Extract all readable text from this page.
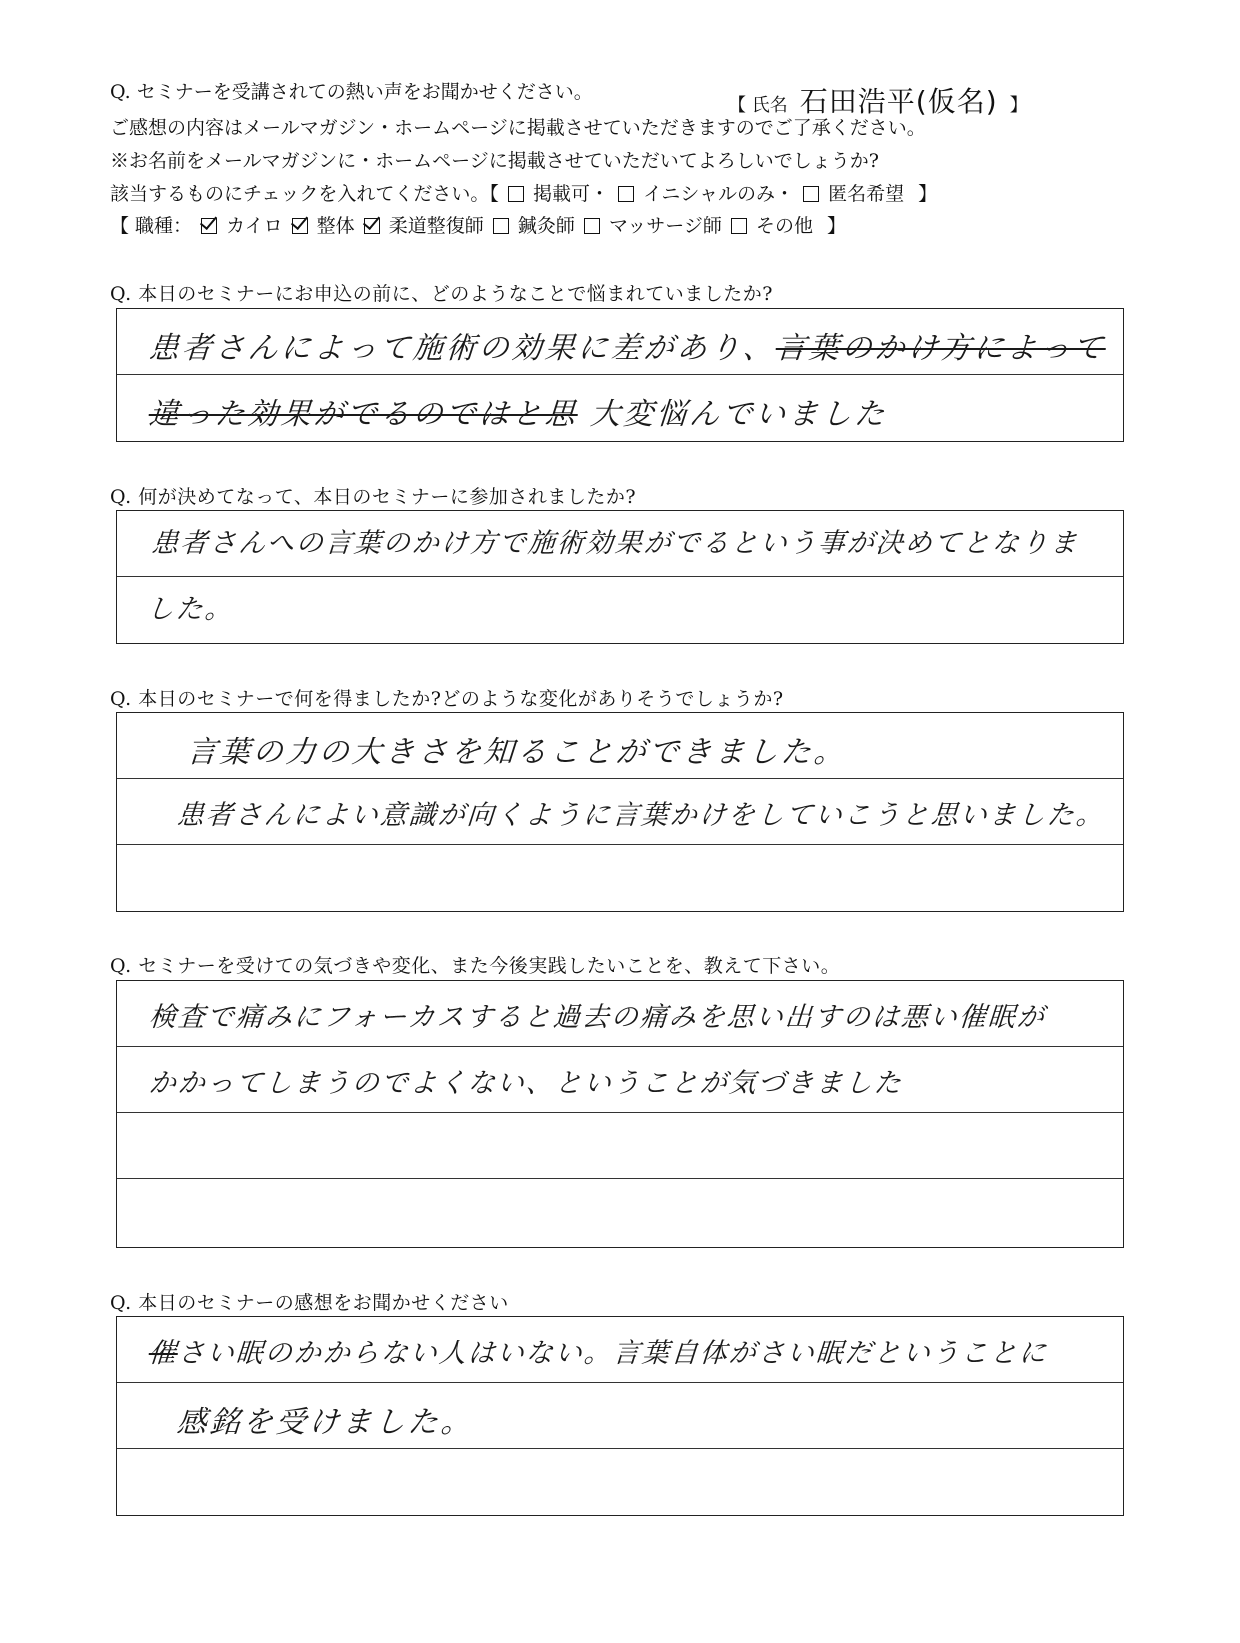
Q. セミナーを受講されての熱い声をお聞かせください。
【 氏名 石田浩平(仮名) 】
ご感想の内容はメールマガジン・ホームページに掲載させていただきますのでご了承ください。
※お名前をメールマガジンに・ホームページに掲載させていただいてよろしいでしょうか?
該当するものにチェックを入れてください。【 掲載可・ イニシャルのみ・ 匿名希望 】
【 職種： カイロ 整体 柔道整復師 鍼灸師 マッサージ師 その他 】
Q. 本日のセミナーにお申込の前に、どのようなことで悩まれていましたか?
患者さんによって施術の効果に差があり、言葉のかけ方によって
違った効果がでるのではと思 大変悩んでいました
Q. 何が決めてなって、本日のセミナーに参加されましたか?
患者さんへの言葉のかけ方で施術効果がでるという事が決めてとなりました。
Q. 本日のセミナーで何を得ましたか?どのような変化がありそうでしょうか?
言葉の力の大きさを知ることができました。
患者さんによい意識が向くように言葉かけをしていこうと思いました。
Q. セミナーを受けての気づきや変化、また今後実践したいことを、教えて下さい。
検査で痛みにフォーカスすると過去の痛みを思い出すのは悪い催眠が
かかってしまうのでよくない、ということが気づきました
Q. 本日のセミナーの感想をお聞かせください
催さい眠のかからない人はいない。言葉自体がさい眠だということに
感銘を受けました。
